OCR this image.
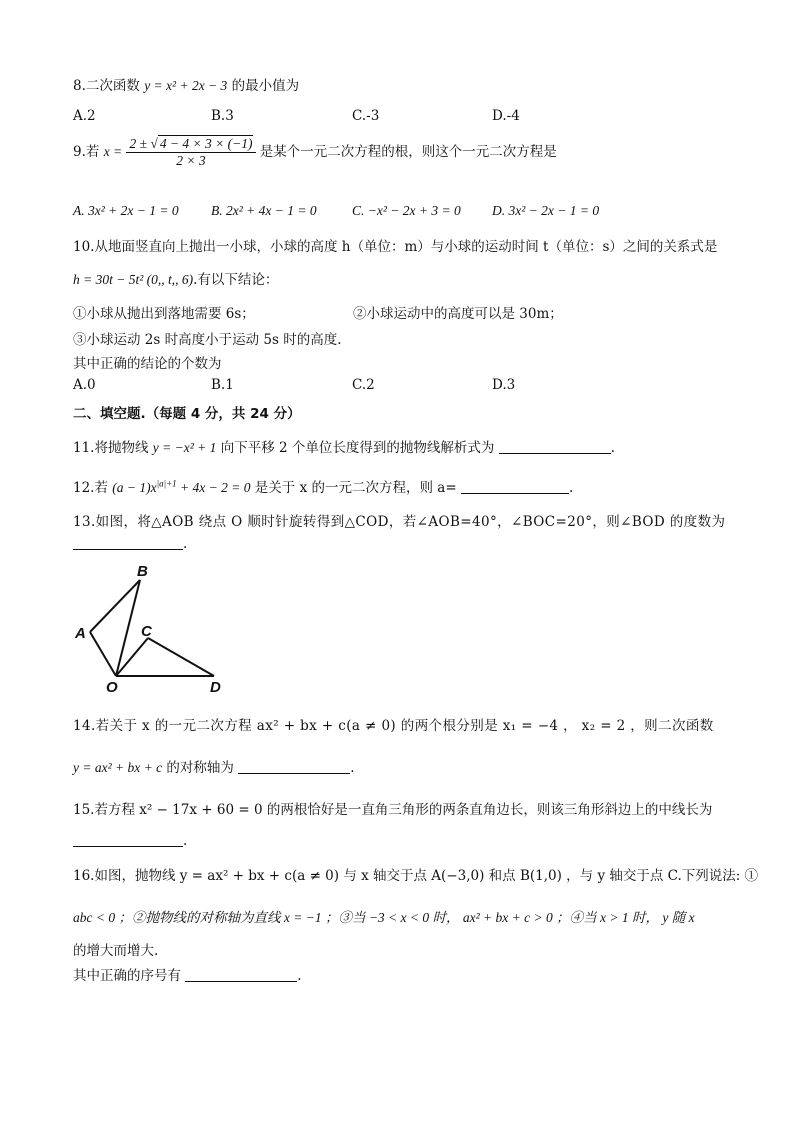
8.二次函数 y = x² + 2x − 3 的最小值为
A.2	B.3	C.-3	D.-4
9.若 $x = \frac{2 \pm √ 4 - 4 \times 3 \times (-1)}{2 \times 3}$ 是某个一元二次方程的根，则这个一元二次方程是
A. 3x² + 2x − 1 = 0 B. 2x² + 4x − 1 = 0	C. −x² − 2x + 3 = 0 D. 3x² − 2x − 1 = 0
10.从地面竖直向上抛出一小球，小球的高度 h（单位：m）与小球的运动时间 t（单位：s）之间的关系式是
h = 30t − 5t² (0,, t,, 6).有以下结论：
①小球从抛出到落地需要 6s；	②小球运动中的高度可以是 30m；
③小球运动 2s 时高度小于运动 5s 时的高度.
其中正确的结论的个数为
A.0	B.1	C.2	D.3
二、填空题.（每题 4 分，共 24 分）
11.将抛物线 y = −x² + 1 向下平移 2 个单位长度得到的抛物线解析式为	.
12.若 $(a - 1)x^{|a|+1} + 4x - 2 = 0$ 是关于 x 的一元二次方程，则 a=	.
13.如图，将△AOB 绕点 O 顺时针旋转得到△COD，若∠AOB=40°，∠BOC=20°，则∠BOD 的度数为
.
B
A	C
O	D
14.若关于 x 的一元二次方程 ax² + bx + c(a ≠ 0) 的两个根分别是 x₁ = −4 ， x₂ = 2 ，则二次函数
y = ax² + bx + c 的对称轴为	.
15.若方程 x² − 17x + 60 = 0 的两根恰好是一直角三角形的两条直角边长，则该三角形斜边上的中线长为
.
16.如图，抛物线 y = ax² + bx + c(a ≠ 0) 与 x 轴交于点 A(−3,0) 和点 B(1,0) ，与 y 轴交于点 C.下列说法: ①
abc < 0 ；②抛物线的对称轴为直线 x = −1 ；③当 −3 < x < 0 时， ax² + bx + c > 0 ；④当 x > 1 时， y 随 x
的增大而增大.
其中正确的序号有	.
